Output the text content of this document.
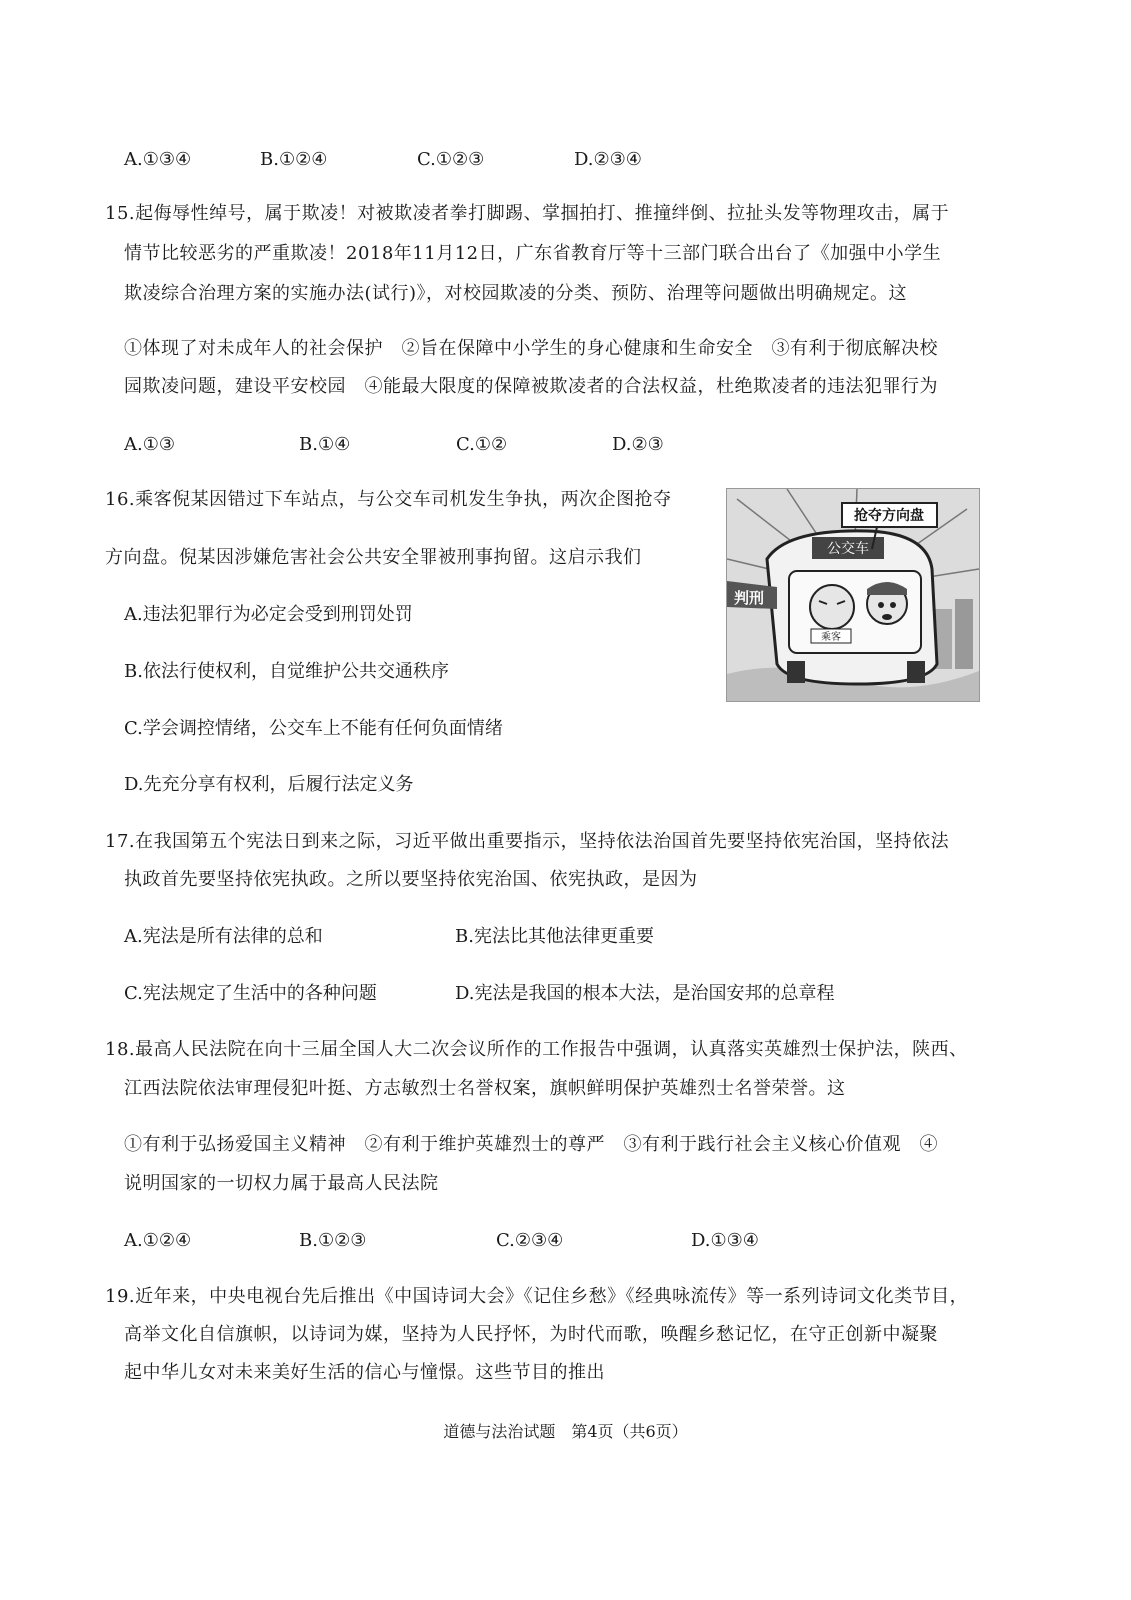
A.①③④	B.①②④	C.①②③	D.②③④
15.起侮辱性绰号，属于欺凌！对被欺凌者拳打脚踢、掌掴拍打、推撞绊倒、拉扯头发等物理攻击，属于
情节比较恶劣的严重欺凌！2018年11月12日，广东省教育厅等十三部门联合出台了《加强中小学生
欺凌综合治理方案的实施办法(试行)》，对校园欺凌的分类、预防、治理等问题做出明确规定。这
①体现了对未成年人的社会保护　②旨在保障中小学生的身心健康和生命安全　③有利于彻底解决校
园欺凌问题，建设平安校园　④能最大限度的保障被欺凌者的合法权益，杜绝欺凌者的违法犯罪行为
A.①③	B.①④	C.①②	D.②③
16.乘客倪某因错过下车站点，与公交车司机发生争执，两次企图抢夺
方向盘。倪某因涉嫌危害社会公共安全罪被刑事拘留。这启示我们
A.违法犯罪行为必定会受到刑罚处罚
B.依法行使权利，自觉维护公共交通秩序
C.学会调控情绪，公交车上不能有任何负面情绪
D.先充分享有权利，后履行法定义务
公交车
抢夺方向盘
乘客
判刑
17.在我国第五个宪法日到来之际，习近平做出重要指示，坚持依法治国首先要坚持依宪治国，坚持依法
执政首先要坚持依宪执政。之所以要坚持依宪治国、依宪执政，是因为
A.宪法是所有法律的总和	B.宪法比其他法律更重要
C.宪法规定了生活中的各种问题	D.宪法是我国的根本大法，是治国安邦的总章程
18.最高人民法院在向十三届全国人大二次会议所作的工作报告中强调，认真落实英雄烈士保护法，陕西、
江西法院依法审理侵犯叶挺、方志敏烈士名誉权案，旗帜鲜明保护英雄烈士名誉荣誉。这
①有利于弘扬爱国主义精神　②有利于维护英雄烈士的尊严　③有利于践行社会主义核心价值观　④
说明国家的一切权力属于最高人民法院
A.①②④	B.①②③	C.②③④	D.①③④
19.近年来，中央电视台先后推出《中国诗词大会》《记住乡愁》《经典咏流传》等一系列诗词文化类节目，
高举文化自信旗帜，以诗词为媒，坚持为人民抒怀，为时代而歌，唤醒乡愁记忆，在守正创新中凝聚
起中华儿女对未来美好生活的信心与憧憬。这些节目的推出
道德与法治试题　第4页（共6页）
